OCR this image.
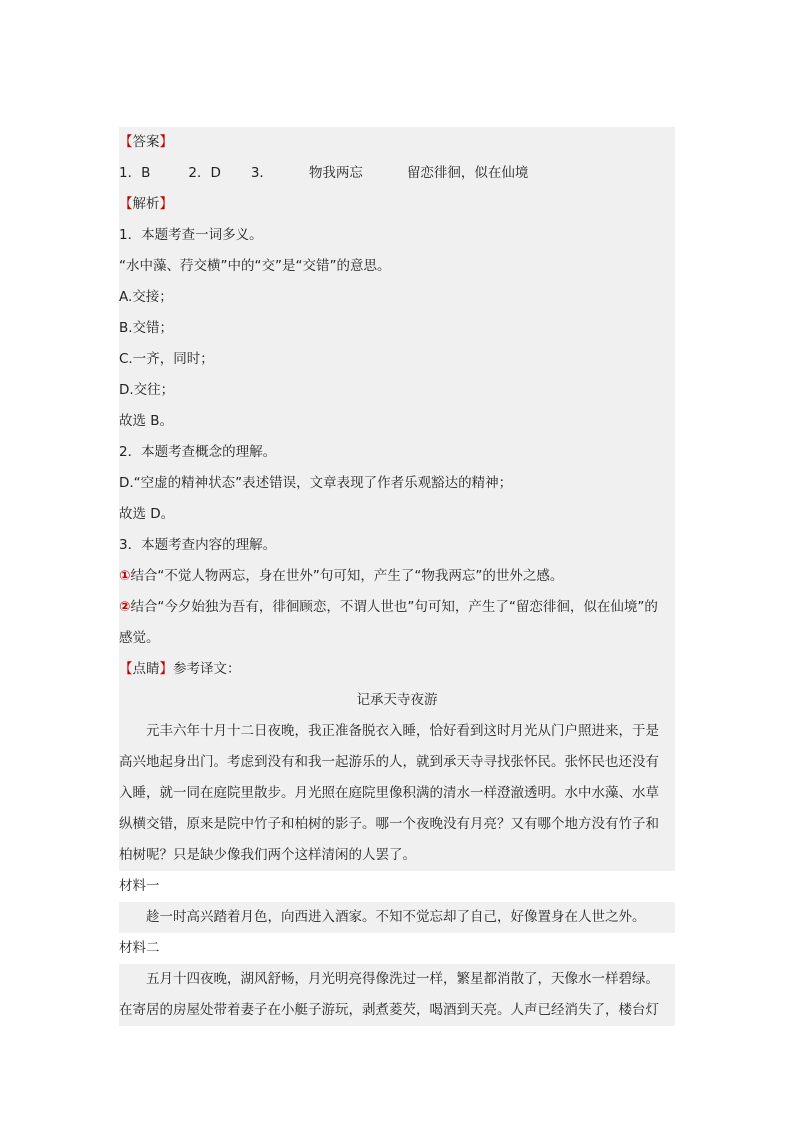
【答案】
1．B	2．D 3．	物我两忘	留恋徘徊，似在仙境
【解析】
1．本题考查一词多义。
“水中藻、荇交横”中的“交”是“交错”的意思。
A.交接；
B.交错；
C.一齐，同时；
D.交往；
故选 B。
2．本题考查概念的理解。
D.“空虚的精神状态”表述错误，文章表现了作者乐观豁达的精神；
故选 D。
3．本题考查内容的理解。
①结合“不觉人物两忘，身在世外”句可知，产生了“物我两忘”的世外之感。
②结合“今夕始独为吾有，徘徊顾恋，不谓人世也”句可知，产生了“留恋徘徊，似在仙境”的
感觉。
【点睛】参考译文：
记承天寺夜游
元丰六年十月十二日夜晚，我正准备脱衣入睡，恰好看到这时月光从门户照进来，于是
高兴地起身出门。考虑到没有和我一起游乐的人，就到承天寺寻找张怀民。张怀民也还没有
入睡，就一同在庭院里散步。月光照在庭院里像积满的清水一样澄澈透明。水中水藻、水草
纵横交错，原来是院中竹子和柏树的影子。哪一个夜晚没有月亮？又有哪个地方没有竹子和
柏树呢？只是缺少像我们两个这样清闲的人罢了。
材料一
趁一时高兴踏着月色，向西进入酒家。不知不觉忘却了自己，好像置身在人世之外。
材料二
五月十四夜晚，湖风舒畅，月光明亮得像洗过一样，繁星都消散了，天像水一样碧绿。
在寄居的房屋处带着妻子在小艇子游玩，剥煮菱芡，喝酒到天亮。人声已经消失了，楼台灯
